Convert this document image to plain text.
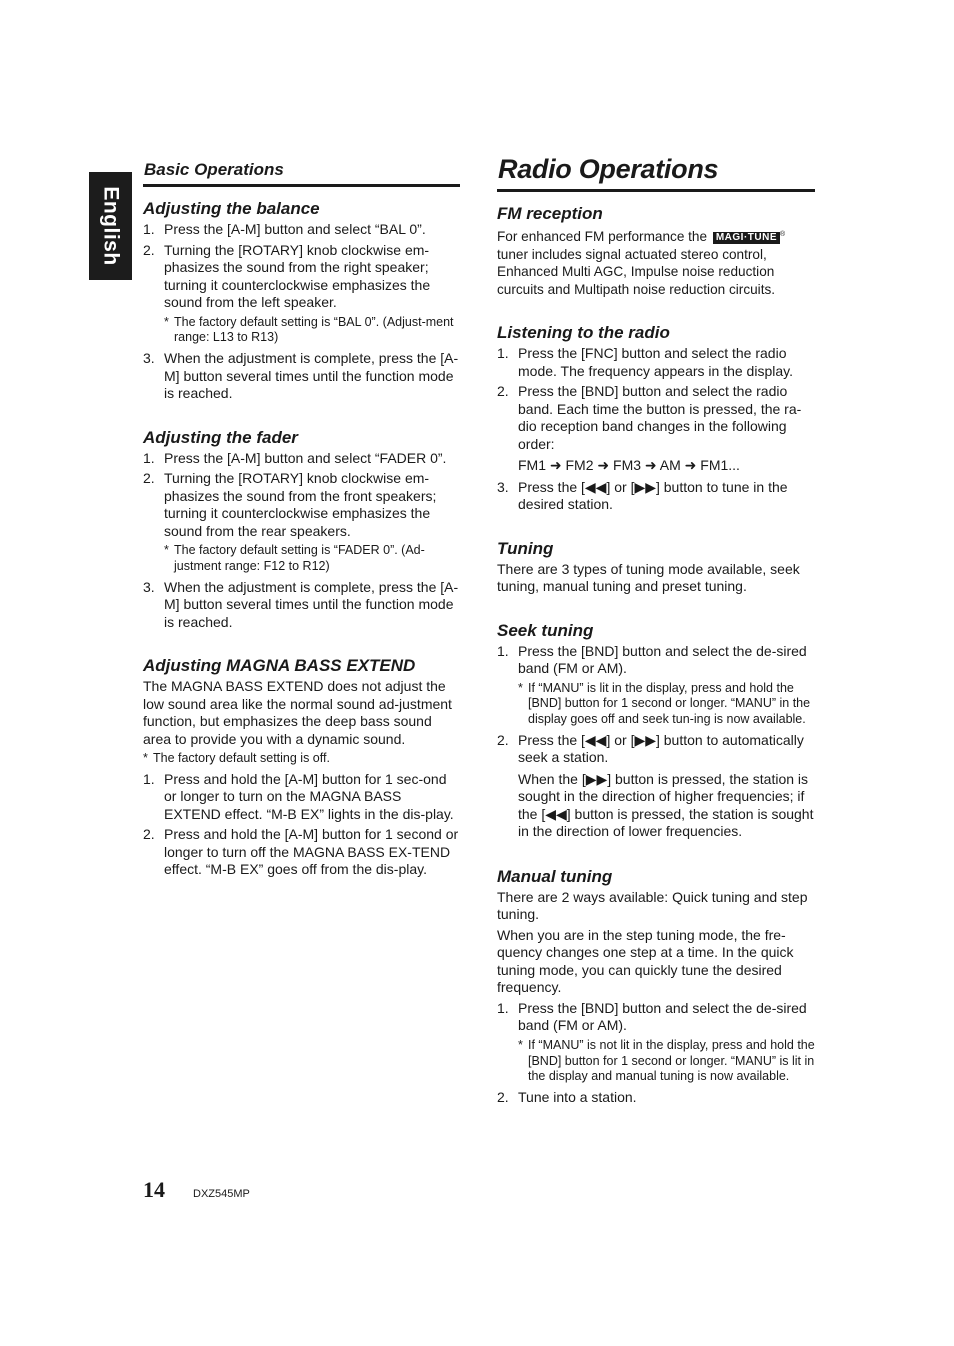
English
Basic Operations
Adjusting the balance
1. Press the [A-M] button and select “BAL 0”.
2. Turning the [ROTARY] knob clockwise em-phasizes the sound from the right speaker; turning it counterclockwise emphasizes the sound from the left speaker.
* The factory default setting is “BAL 0”. (Adjust-ment range: L13 to R13)
3. When the adjustment is complete, press the [A-M] button several times until the function mode is reached.
Adjusting the fader
1. Press the [A-M] button and select “FADER 0”.
2. Turning the [ROTARY] knob clockwise em-phasizes the sound from the front speakers; turning it counterclockwise emphasizes the sound from the rear speakers.
* The factory default setting is “FADER 0”. (Ad-justment range: F12 to R12)
3. When the adjustment is complete, press the [A-M] button several times until the function mode is reached.
Adjusting MAGNA BASS EXTEND

The MAGNA BASS EXTEND does not adjust the low sound area like the normal sound ad-justment function, but emphasizes the deep bass sound area to provide you with a dynamic sound.

* The factory default setting is off.
1. Press and hold the [A-M] button for 1 sec-ond or longer to turn on the MAGNA BASS EXTEND effect. “M-B EX” lights in the dis-play.
2. Press and hold the [A-M] button for 1 second or longer to turn off the MAGNA BASS EX-TEND effect. “M-B EX” goes off from the dis-play.
Radio Operations
FM reception

For enhanced FM performance the MAGI·TUNE ® tuner includes signal actuated stereo control, Enhanced Multi AGC, Impulse noise reduction curcuits and Multipath noise reduction circuits.

Listening to the radio
1. Press the [FNC] button and select the radio mode. The frequency appears in the display.
2. Press the [BND] button and select the radio band. Each time the button is pressed, the ra-dio reception band changes in the following order:
FM1 ➜ FM2 ➜ FM3 ➜ AM ➜ FM1...
3. Press the [◀◀] or [▶▶] button to tune in the desired station.
Tuning

There are 3 types of tuning mode available, seek tuning, manual tuning and preset tuning.

Seek tuning
1. Press the [BND] button and select the de-sired band (FM or AM).
* If “MANU” is lit in the display, press and hold the [BND] button for 1 second or longer. “MANU” in the display goes off and seek tun-ing is now available.
2. Press the [◀◀] or [▶▶] button to automatically seek a station.
When the [▶▶] button is pressed, the station is sought in the direction of higher frequencies; if the [◀◀] button is pressed, the station is sought in the direction of lower frequencies.
Manual tuning

There are 2 ways available: Quick tuning and step tuning.

When you are in the step tuning mode, the fre-quency changes one step at a time. In the quick tuning mode, you can quickly tune the desired frequency.

1. Press the [BND] button and select the de-sired band (FM or AM).
* If “MANU” is not lit in the display, press and hold the [BND] button for 1 second or longer. “MANU” is lit in the display and manual tuning is now available.
2. Tune into a station.
14	DXZ545MP
